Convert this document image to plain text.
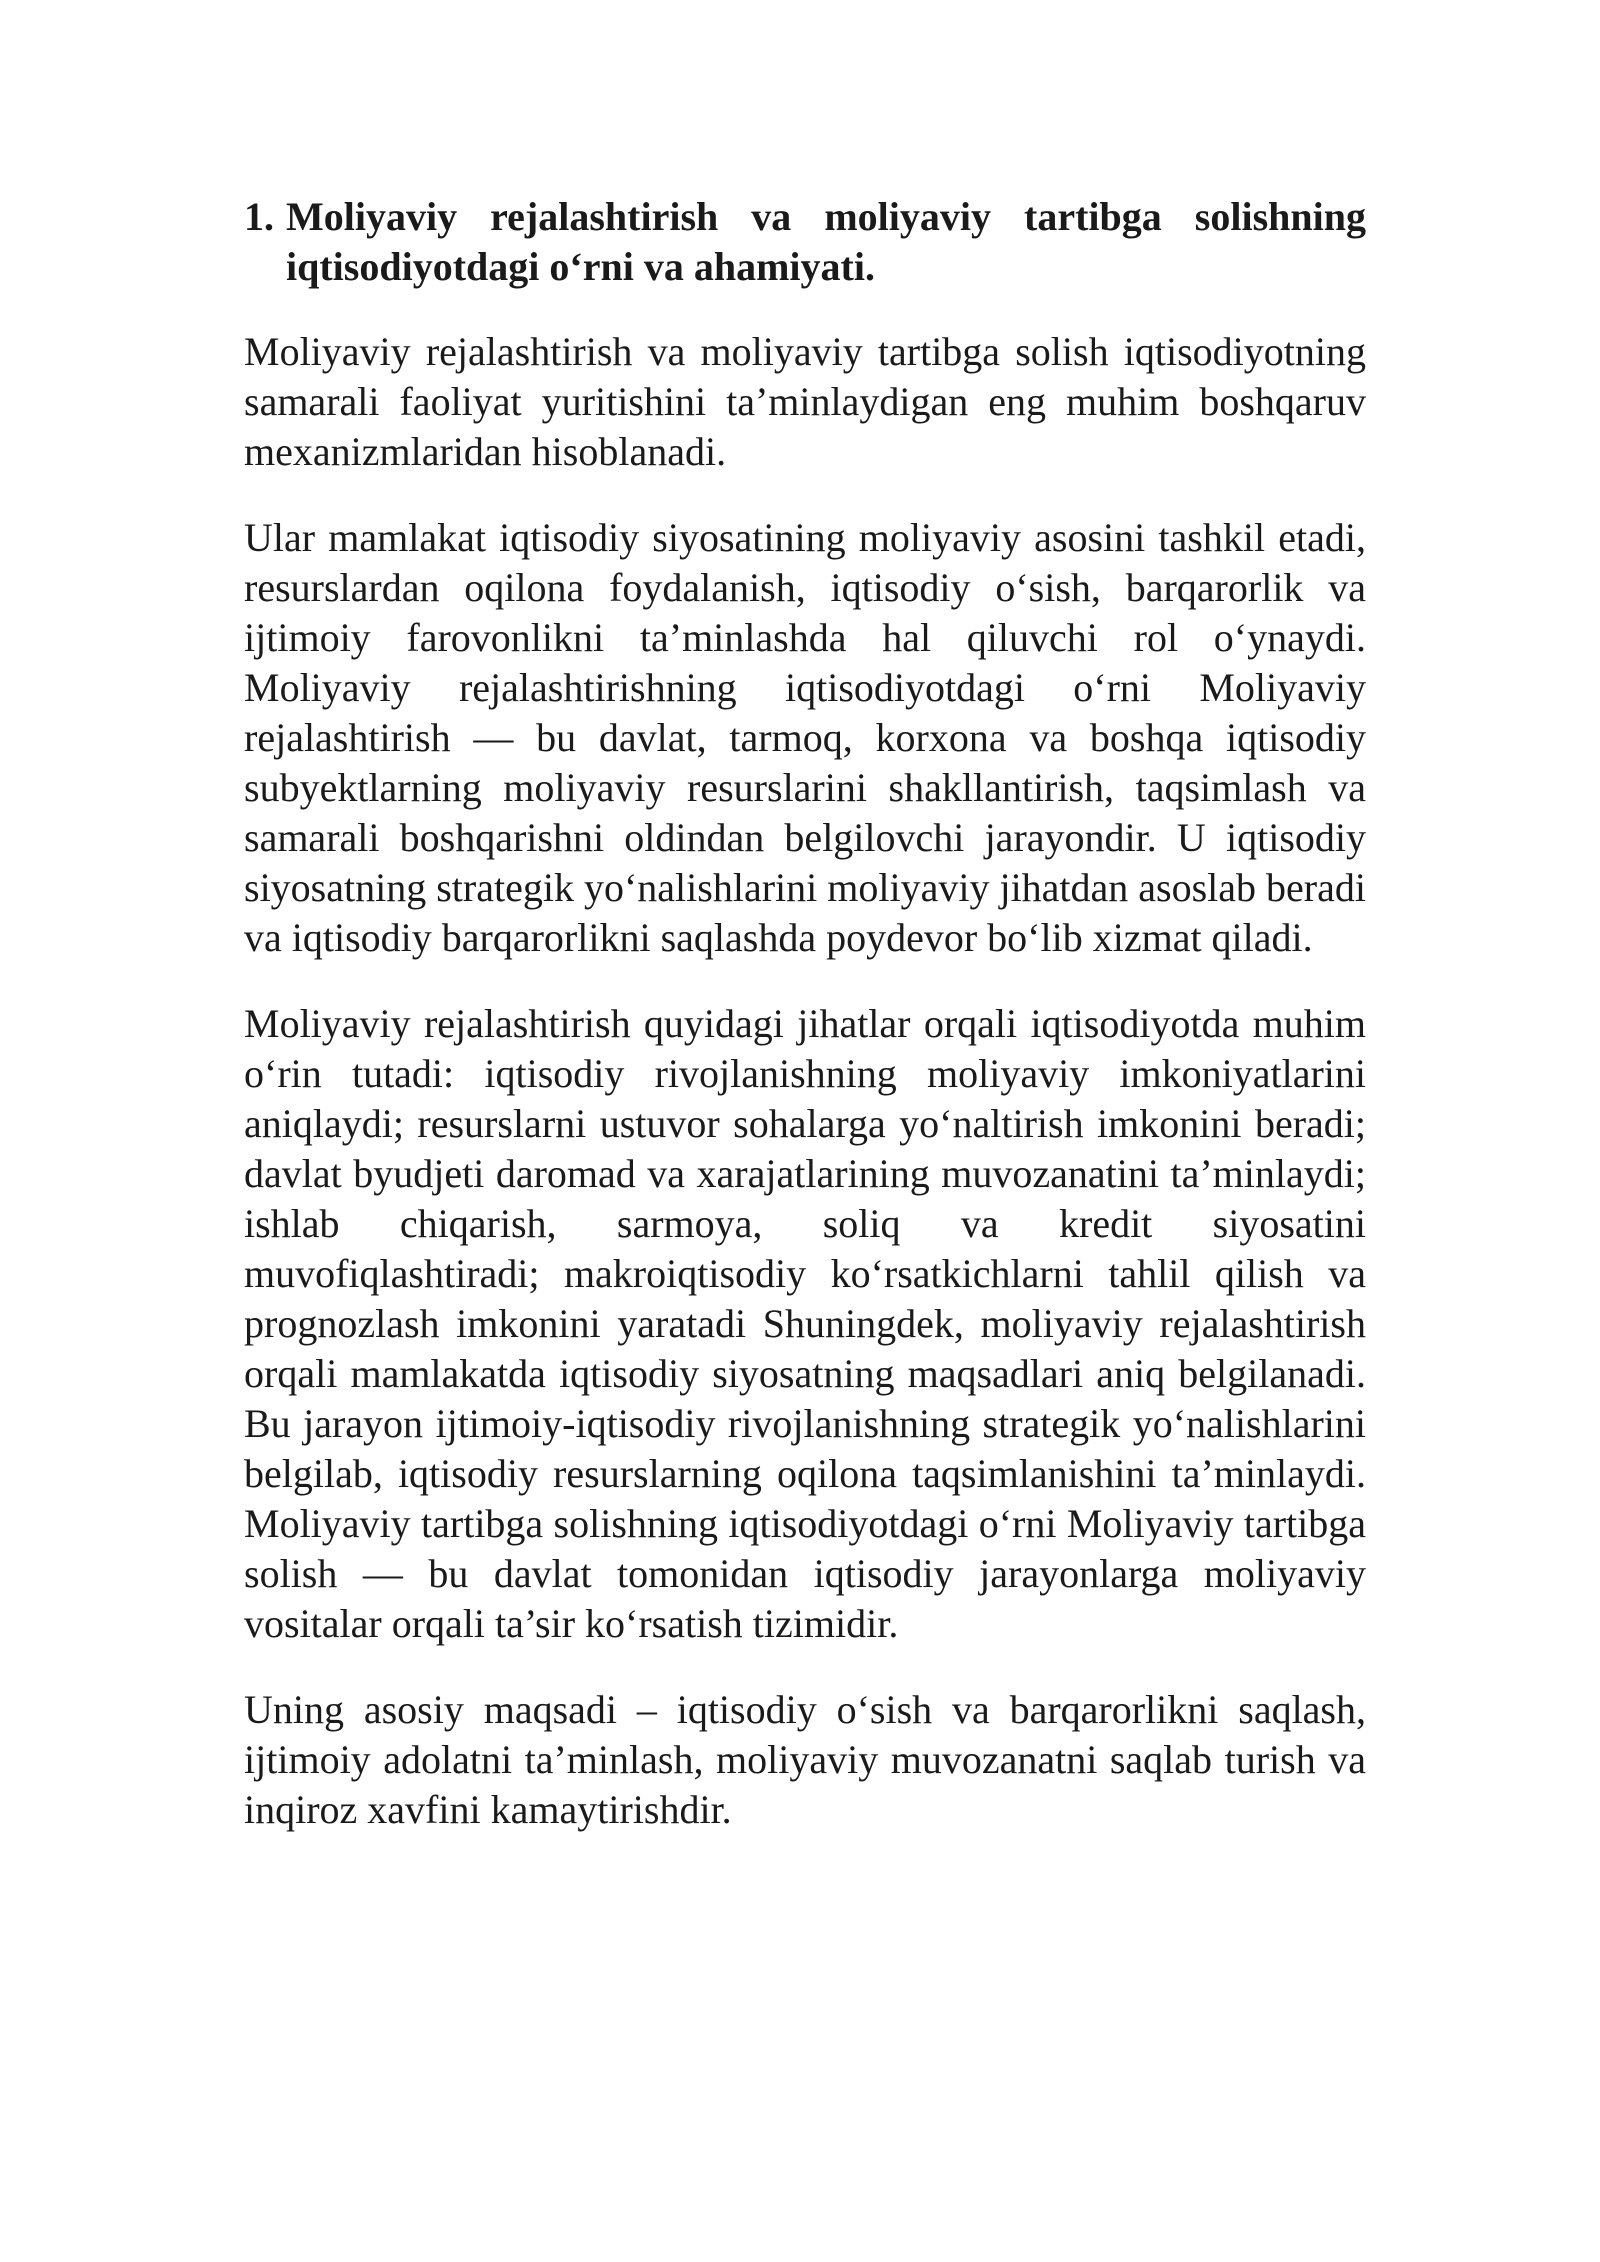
1. Moliyaviy rejalashtirish va moliyaviy tartibga solishning iqtisodiyotdagi o‘rni va ahamiyati.

Moliyaviy rejalashtirish va moliyaviy tartibga solish iqtisodiyotning samarali faoliyat yuritishini ta’minlaydigan eng muhim boshqaruv mexanizmlaridan hisoblanadi.

Ular mamlakat iqtisodiy siyosatining moliyaviy asosini tashkil etadi, resurslardan oqilona foydalanish, iqtisodiy o‘sish, barqarorlik va ijtimoiy farovonlikni ta’minlashda hal qiluvchi rol o‘ynaydi. Moliyaviy rejalashtirishning iqtisodiyotdagi o‘rni Moliyaviy rejalashtirish — bu davlat, tarmoq, korxona va boshqa iqtisodiy subyektlarning moliyaviy resurslarini shakllantirish, taqsimlash va samarali boshqarishni oldindan belgilovchi jarayondir. U iqtisodiy siyosatning strategik yo‘nalishlarini moliyaviy jihatdan asoslab beradi va iqtisodiy barqarorlikni saqlashda poydevor bo‘lib xizmat qiladi.

Moliyaviy rejalashtirish quyidagi jihatlar orqali iqtisodiyotda muhim o‘rin tutadi: iqtisodiy rivojlanishning moliyaviy imkoniyatlarini aniqlaydi; resurslarni ustuvor sohalarga yo‘naltirish imkonini beradi; davlat byudjeti daromad va xarajatlarining muvozanatini ta’minlaydi; ishlab chiqarish, sarmoya, soliq va kredit siyosatini muvofiqlashtiradi; makroiqtisodiy ko‘rsatkichlarni tahlil qilish va prognozlash imkonini yaratadi Shuningdek, moliyaviy rejalashtirish orqali mamlakatda iqtisodiy siyosatning maqsadlari aniq belgilanadi. Bu jarayon ijtimoiy-iqtisodiy rivojlanishning strategik yo‘nalishlarini belgilab, iqtisodiy resurslarning oqilona taqsimlanishini ta’minlaydi. Moliyaviy tartibga solishning iqtisodiyotdagi o‘rni Moliyaviy tartibga solish — bu davlat tomonidan iqtisodiy jarayonlarga moliyaviy vositalar orqali ta’sir ko‘rsatish tizimidir.

Uning asosiy maqsadi – iqtisodiy o‘sish va barqarorlikni saqlash, ijtimoiy adolatni ta’minlash, moliyaviy muvozanatni saqlab turish va inqiroz xavfini kamaytirishdir.
